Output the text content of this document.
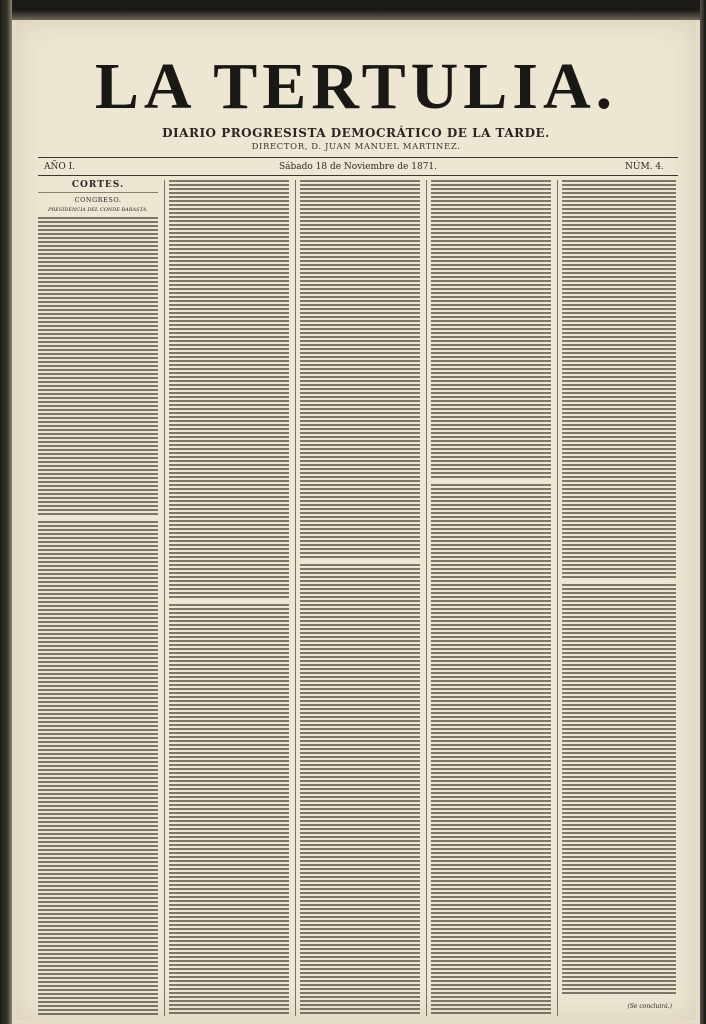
LA TERTULIA.
DIARIO PROGRESISTA DEMOCRÁTICO DE LA TARDE.
DIRECTOR, D. JUAN MANUEL MARTINEZ.
AÑO I.	Sábado 18 de Noviembre de 1871.	NÚM. 4.
CÓRTES.
CONGRESO.
PRESIDENCIA DEL CONDE BARASTA.
(Se concluirá.)
